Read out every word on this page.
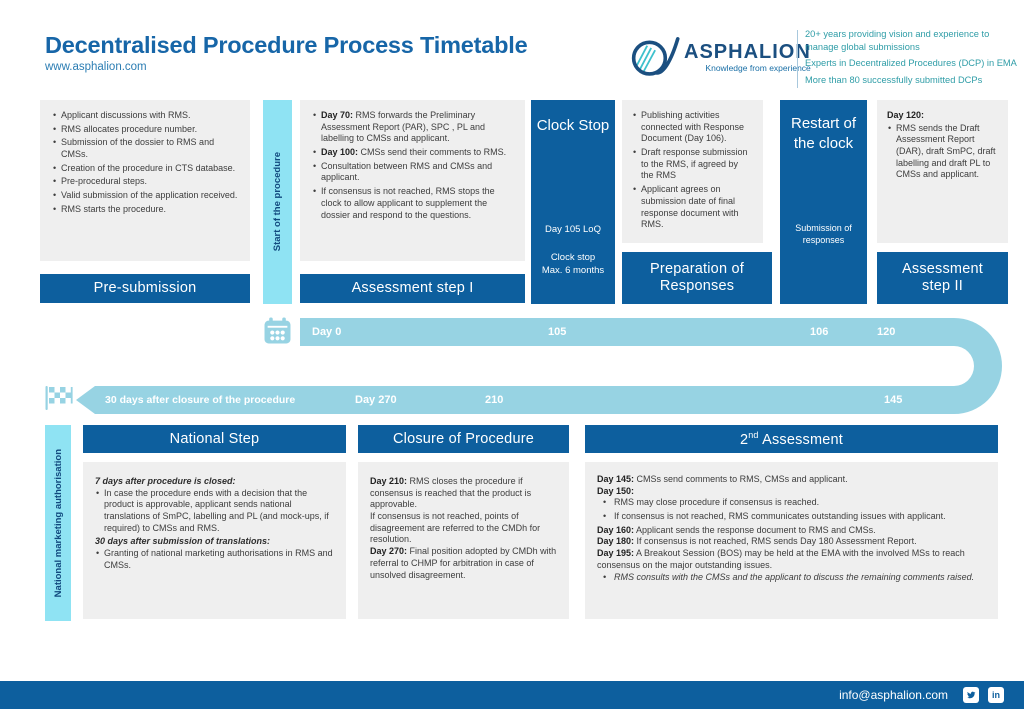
Decentralised Procedure Process Timetable
www.asphalion.com
ASPHALION
Knowledge from experience
20+ years providing vision and experience to manage global submissions
Experts in Decentralized Procedures (DCP) in EMA
More than 80 successfully submitted DCPs
• Applicant discussions with RMS.
• RMS allocates procedure number.
• Submission of the dossier to RMS and CMSs.
• Creation of the procedure in CTS database.
• Pre-procedural steps.
• Valid submission of the application received.
• RMS starts the procedure.	Start of the procedure
• Day 70: RMS forwards the Preliminary Assessment Report (PAR), SPC , PL and labelling to CMSs and applicant.
• Day 100: CMSs send their comments to RMS.
• Consultation between RMS and CMSs and applicant.
• If consensus is not reached, RMS stops the clock to allow applicant to supplement the dossier and respond to the questions.
Clock Stop
Day 105 LoQ
Clock stop
Max. 6 months
• Publishing activities connected with Response Document (Day 106).
• Draft response submission to the RMS, if agreed by the RMS
• Applicant agrees on submission date of final response document with RMS.
Restart of the clock
Submission of responses
Day 120:
• RMS sends the Draft Assessment Report (DAR), draft SmPC, draft labelling and draft PL to CMSs and applicant.
Pre-submission	Assessment step I
Preparation of Responses
Assessment step II
Day 0	105	106	120
30 days after closure of the procedure	Day 270	210	145
National marketing authorisation
National Step
7 days after procedure is closed:
• In case the procedure ends with a decision that the product is approvable, applicant sends national translations of SmPC, labelling and PL (and mock-ups, if required) to CMSs and RMS.
30 days after submission of translations:
• Granting of national marketing authorisations in RMS and CMSs.
Closure of Procedure
Day 210: RMS closes the procedure if consensus is reached that the product is approvable.
If consensus is not reached, points of disagreement are referred to the CMDh for resolution.
Day 270: Final position adopted by CMDh with referral to CHMP for arbitration in case of unsolved disagreement.
2nd Assessment
Day 145: CMSs send comments to RMS, CMSs and applicant.
Day 150:
• RMS may close procedure if consensus is reached.
• If consensus is not reached, RMS communicates outstanding issues with applicant.
Day 160: Applicant sends the response document to RMS and CMSs.
Day 180: If consensus is not reached, RMS sends Day 180 Assessment Report.
Day 195: A Breakout Session (BOS) may be held at the EMA with the involved MSs to reach consensus on the major outstanding issues.
• RMS consults with the CMSs and the applicant to discuss the remaining comments raised.
info@asphalion.com	in
